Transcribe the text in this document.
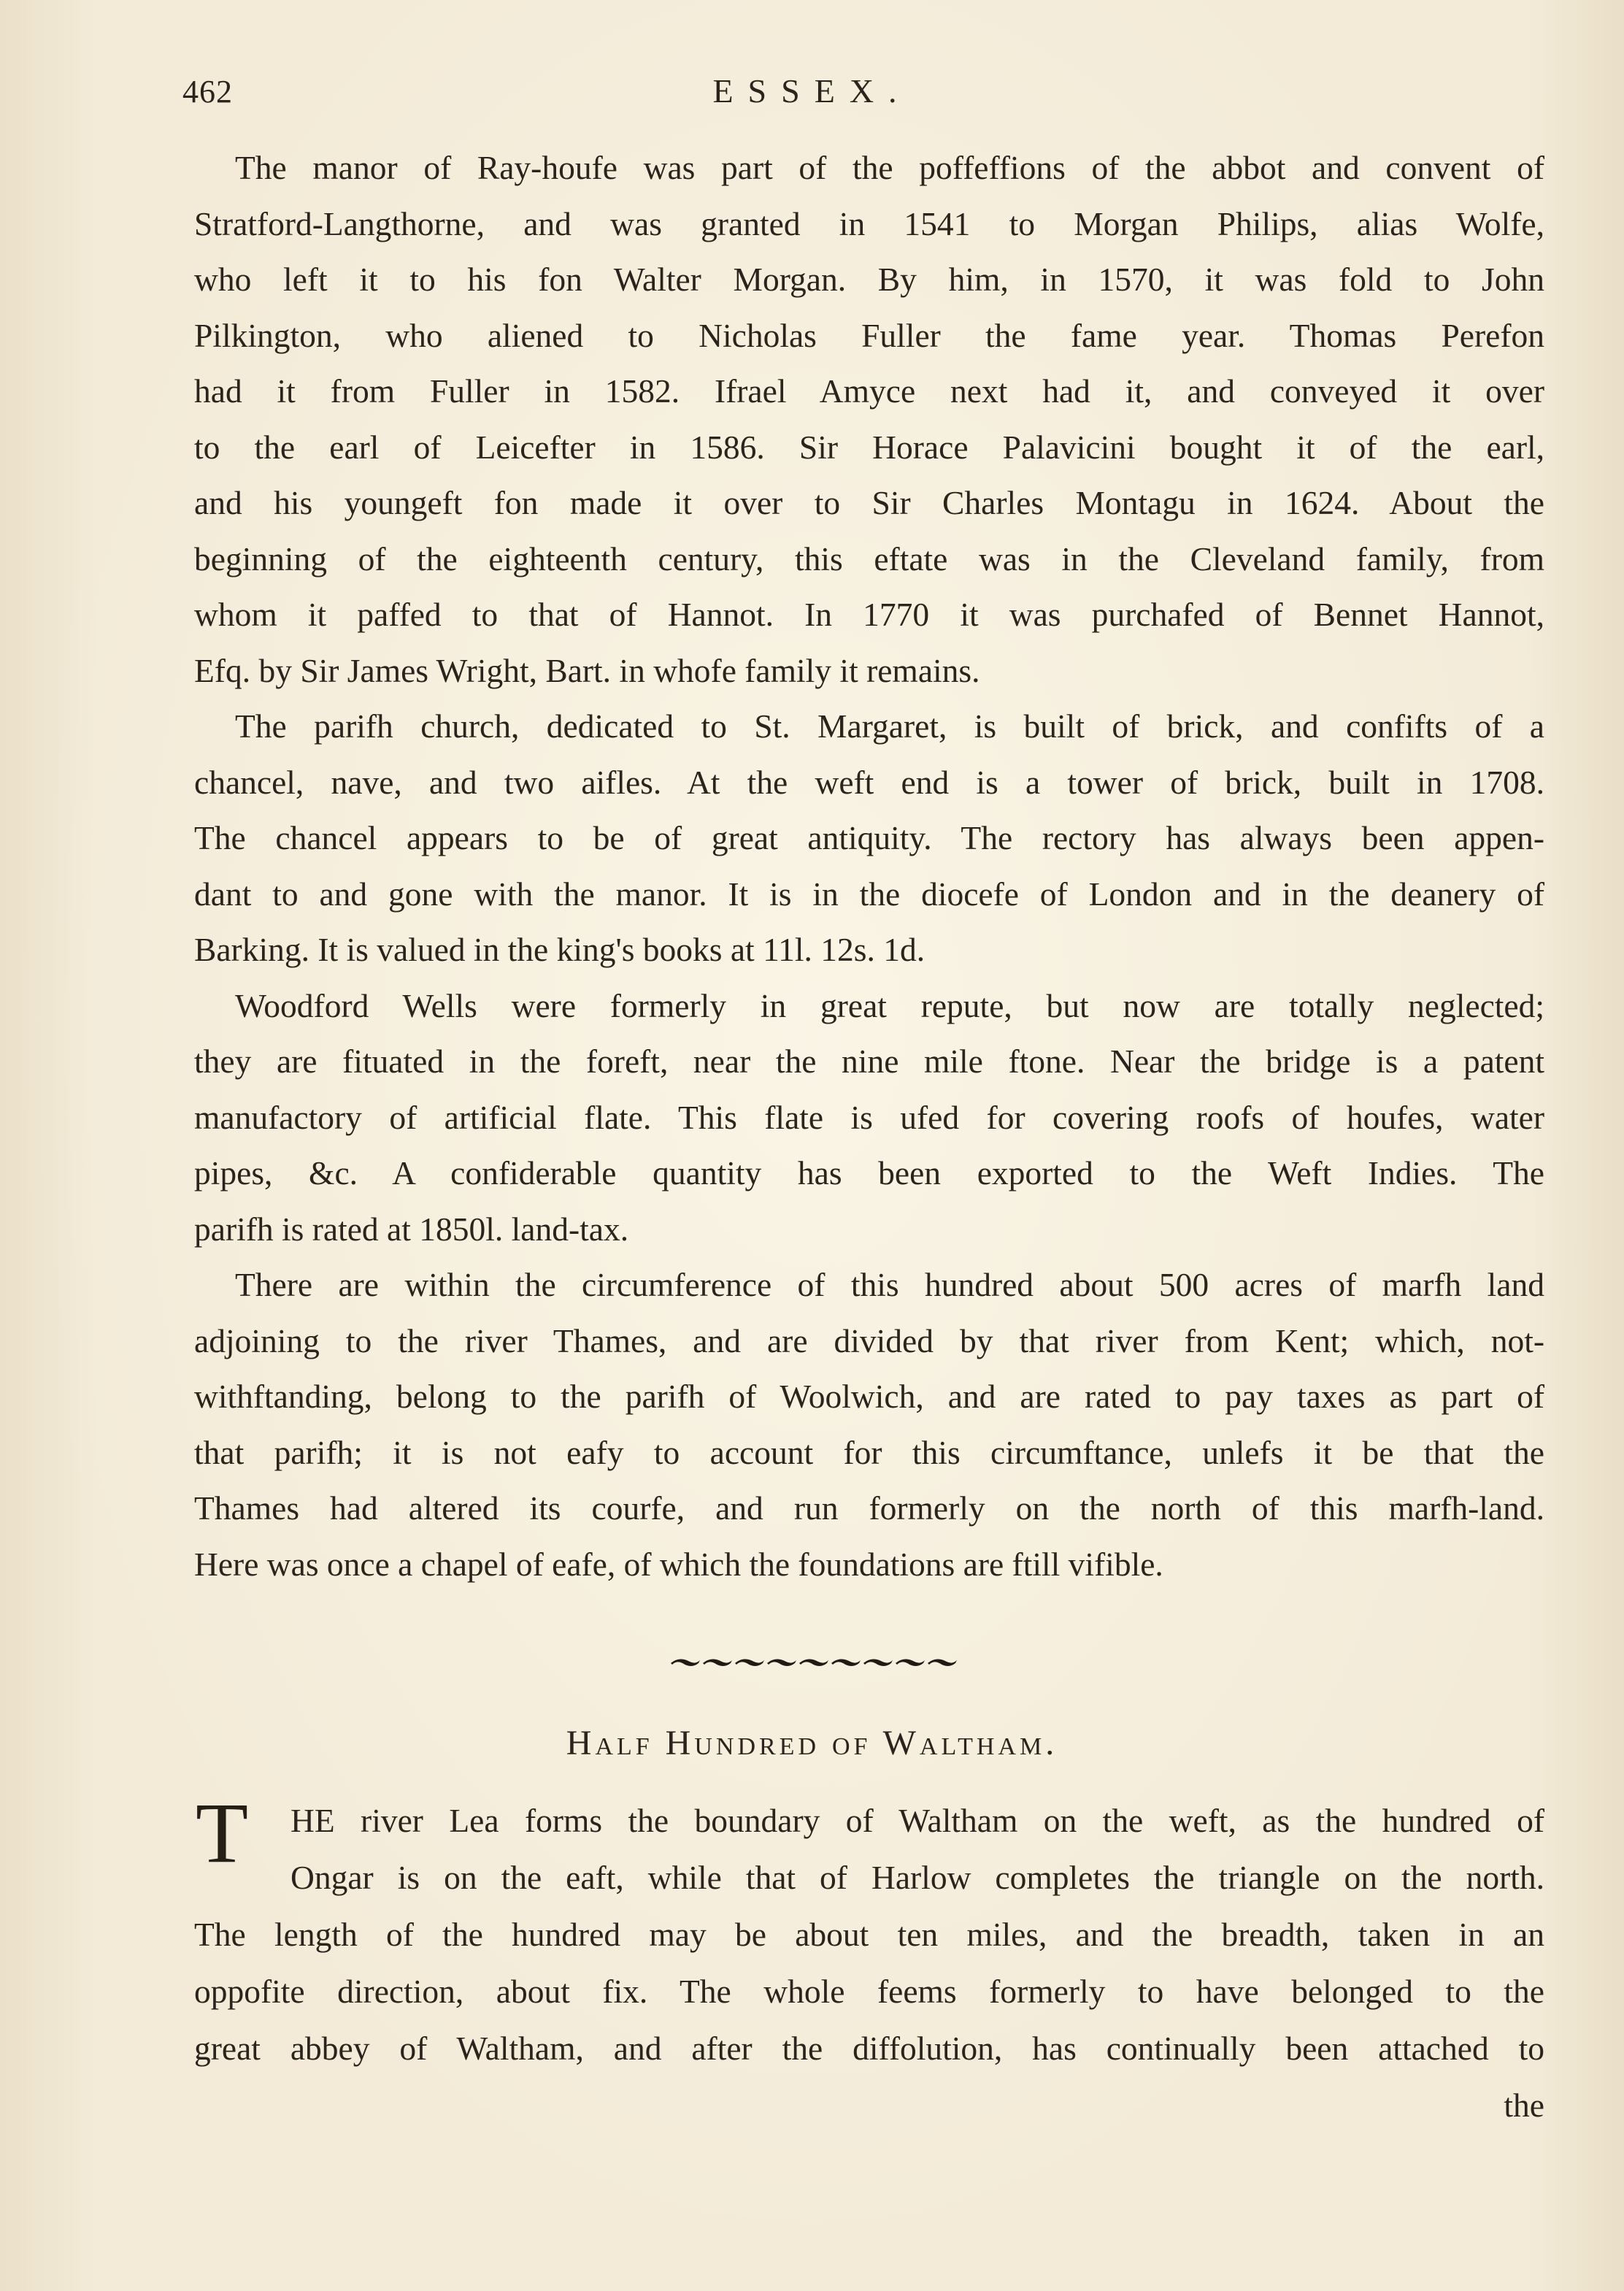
462	ESSEX.
The manor of Ray-houfe was part of the poffeffions of the abbot and convent of
Stratford-Langthorne, and was granted in 1541 to Morgan Philips, alias Wolfe,
who left it to his fon Walter Morgan. By him, in 1570, it was fold to John
Pilkington, who aliened to Nicholas Fuller the fame year. Thomas Perefon
had it from Fuller in 1582. Ifrael Amyce next had it, and conveyed it over
to the earl of Leicefter in 1586. Sir Horace Palavicini bought it of the earl,
and his youngeft fon made it over to Sir Charles Montagu in 1624. About the
beginning of the eighteenth century, this eftate was in the Cleveland family, from
whom it paffed to that of Hannot. In 1770 it was purchafed of Bennet Hannot,
Efq. by Sir James Wright, Bart. in whofe family it remains.
The parifh church, dedicated to St. Margaret, is built of brick, and confifts of a
chancel, nave, and two aifles. At the weft end is a tower of brick, built in 1708.
The chancel appears to be of great antiquity. The rectory has always been appen-
dant to and gone with the manor. It is in the diocefe of London and in the deanery of
Barking. It is valued in the king's books at 11l. 12s. 1d.
Woodford Wells were formerly in great repute, but now are totally neglected;
they are fituated in the foreft, near the nine mile ftone. Near the bridge is a patent
manufactory of artificial flate. This flate is ufed for covering roofs of houfes, water
pipes, &c. A confiderable quantity has been exported to the Weft Indies. The
parifh is rated at 1850l. land-tax.
There are within the circumference of this hundred about 500 acres of marfh land
adjoining to the river Thames, and are divided by that river from Kent; which, not-
withftanding, belong to the parifh of Woolwich, and are rated to pay taxes as part of
that parifh; it is not eafy to account for this circumftance, unlefs it be that the
Thames had altered its courfe, and run formerly on the north of this marfh-land.
Here was once a chapel of eafe, of which the foundations are ftill vifible.
Half Hundred of Waltham.
T	HE river Lea forms the boundary of Waltham on the weft, as the hundred of
Ongar is on the eaft, while that of Harlow completes the triangle on the north.
The length of the hundred may be about ten miles, and the breadth, taken in an
oppofite direction, about fix. The whole feems formerly to have belonged to the
great abbey of Waltham, and after the diffolution, has continually been attached to
the
